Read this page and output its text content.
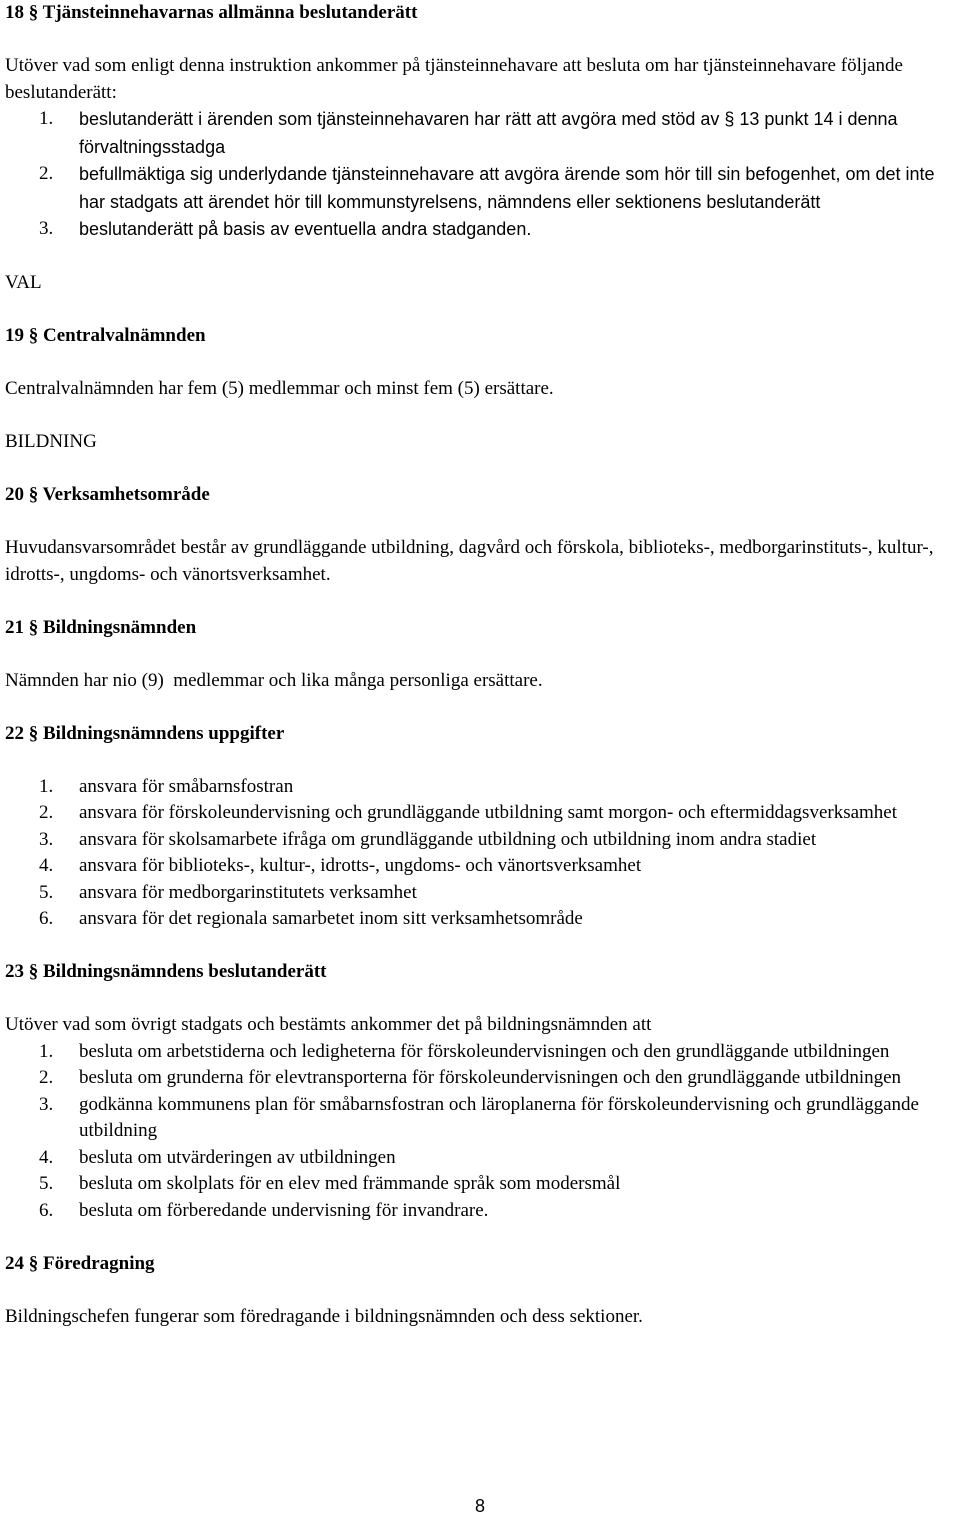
18 § Tjänsteinnehavarnas allmänna beslutanderätt

Utöver vad som enligt denna instruktion ankommer på tjänsteinnehavare att besluta om har tjänsteinnehavare följande beslutanderätt:

1. beslutanderätt i ärenden som tjänsteinnehavaren har rätt att avgöra med stöd av § 13 punkt 14 i denna förvaltningsstadga
2. befullmäktiga sig underlydande tjänsteinnehavare att avgöra ärende som hör till sin befogenhet, om det inte har stadgats att ärendet hör till kommunstyrelsens, nämndens eller sektionens beslutanderätt
3. beslutanderätt på basis av eventuella andra stadganden.

VAL

19 § Centralvalnämnden

Centralvalnämnden har fem (5) medlemmar och minst fem (5) ersättare.

BILDNING

20 § Verksamhetsområde

Huvudansvarsområdet består av grundläggande utbildning, dagvård och förskola, biblioteks-, medborgarinstituts-, kultur-, idrotts-, ungdoms- och vänortsverksamhet.

21 § Bildningsnämnden

Nämnden har nio (9)  medlemmar och lika många personliga ersättare.

22 § Bildningsnämndens uppgifter

1. ansvara för småbarnsfostran
2. ansvara för förskoleundervisning och grundläggande utbildning samt morgon- och eftermiddagsverksamhet
3. ansvara för skolsamarbete ifråga om grundläggande utbildning och utbildning inom andra stadiet
4. ansvara för biblioteks-, kultur-, idrotts-, ungdoms- och vänortsverksamhet
5. ansvara för medborgarinstitutets verksamhet
6. ansvara för det regionala samarbetet inom sitt verksamhetsområde

23 § Bildningsnämndens beslutanderätt

Utöver vad som övrigt stadgats och bestämts ankommer det på bildningsnämnden att

1. besluta om arbetstiderna och ledigheterna för förskoleundervisningen och den grundläggande utbildningen
2. besluta om grunderna för elevtransporterna för förskoleundervisningen och den grundläggande utbildningen
3. godkänna kommunens plan för småbarnsfostran och läroplanerna för förskoleundervisning och grundläggande utbildning
4. besluta om utvärderingen av utbildningen
5. besluta om skolplats för en elev med främmande språk som modersmål
6. besluta om förberedande undervisning för invandrare.

24 § Föredragning

Bildningschefen fungerar som föredragande i bildningsnämnden och dess sektioner.

8
